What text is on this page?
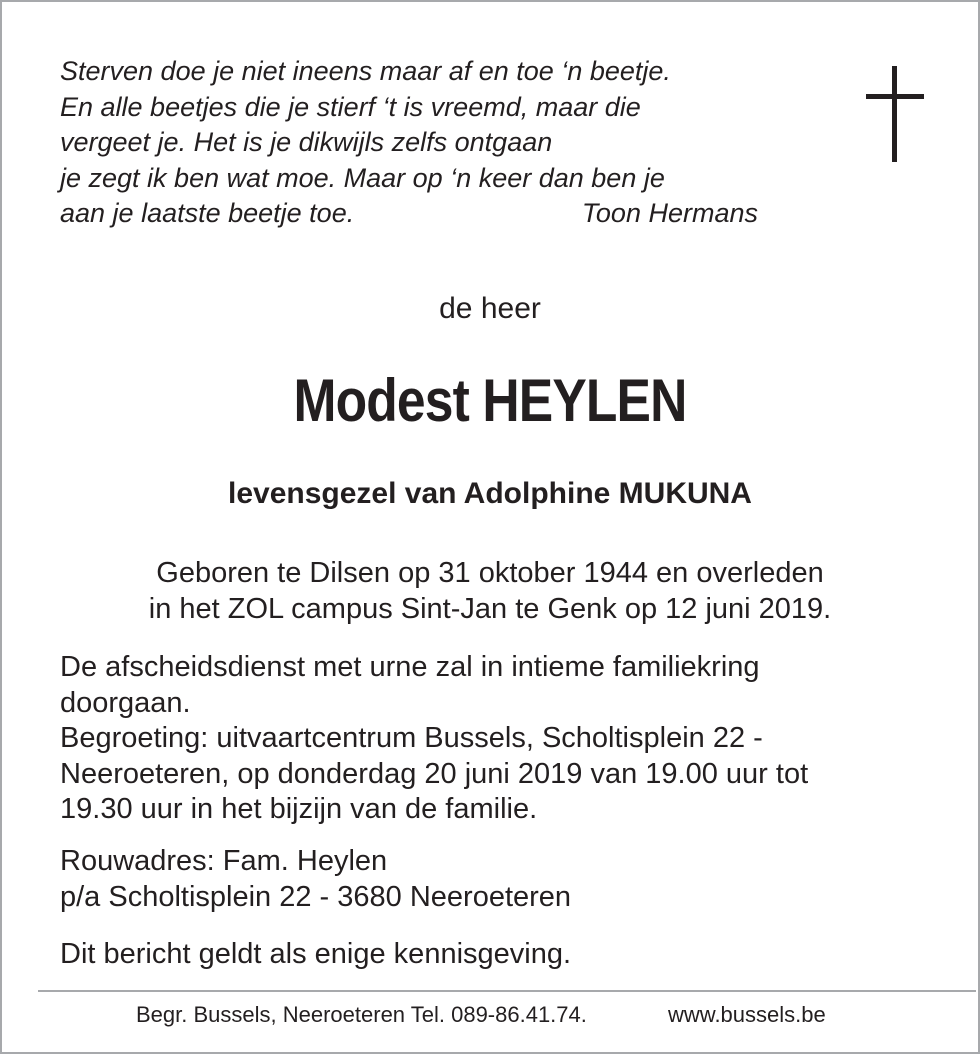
Sterven doe je niet ineens maar af en toe ‘n beetje.
En alle beetjes die je stierf ‘t is vreemd, maar die
vergeet je. Het is je dikwijls zelfs ontgaan
je zegt ik ben wat moe. Maar op ‘n keer dan ben je
aan je laatste beetje toe.	Toon Hermans
de heer
Modest HEYLEN
levensgezel van Adolphine MUKUNA
Geboren te Dilsen op 31 oktober 1944 en overleden
in het ZOL campus Sint-Jan te Genk op 12 juni 2019.
De afscheidsdienst met urne zal in intieme familiekring
doorgaan.
Begroeting: uitvaartcentrum Bussels, Scholtisplein 22 -
Neeroeteren, op donderdag 20 juni 2019 van 19.00 uur tot
19.30 uur in het bijzijn van de familie.
Rouwadres: Fam. Heylen
p/a Scholtisplein 22 - 3680 Neeroeteren
Dit bericht geldt als enige kennisgeving.
Begr. Bussels, Neeroeteren Tel. 089-86.41.74.	www.bussels.be
